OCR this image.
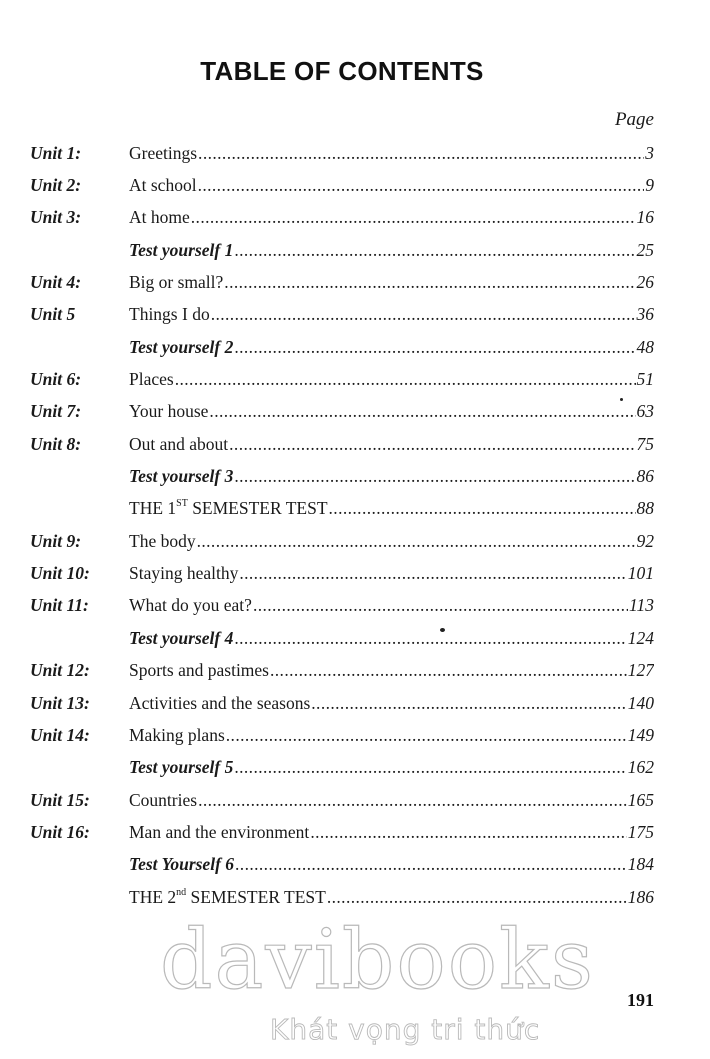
TABLE OF CONTENTS
Page
Unit 1:	Greetings .....	3
Unit 2:	At school .....	9
Unit 3:	At home .....	16
Test yourself 1 .....	25
Unit 4:	Big or small? .....	26
Unit 5	Things I do .....	36
Test yourself 2 .....	48
Unit 6:	Places .....	51
Unit 7:	Your house .....	63
Unit 8:	Out and about .....	75
Test yourself 3 .....	86
THE 1ST SEMESTER TEST .....	88
Unit 9:	The body .....	92
Unit 10:	Staying healthy .....	101
Unit 11:	What do you eat? .....	113
Test yourself 4 .....	124
Unit 12:	Sports and pastimes .....	127
Unit 13:	Activities and the seasons .....	140
Unit 14:	Making plans .....	149
Test yourself 5 .....	162
Unit 15:	Countries .....	165
Unit 16:	Man and the environment .....	175
Test Yourself 6 .....	184
THE 2nd SEMESTER TEST .....	186
davibooks
Khát vọng tri thức
191
